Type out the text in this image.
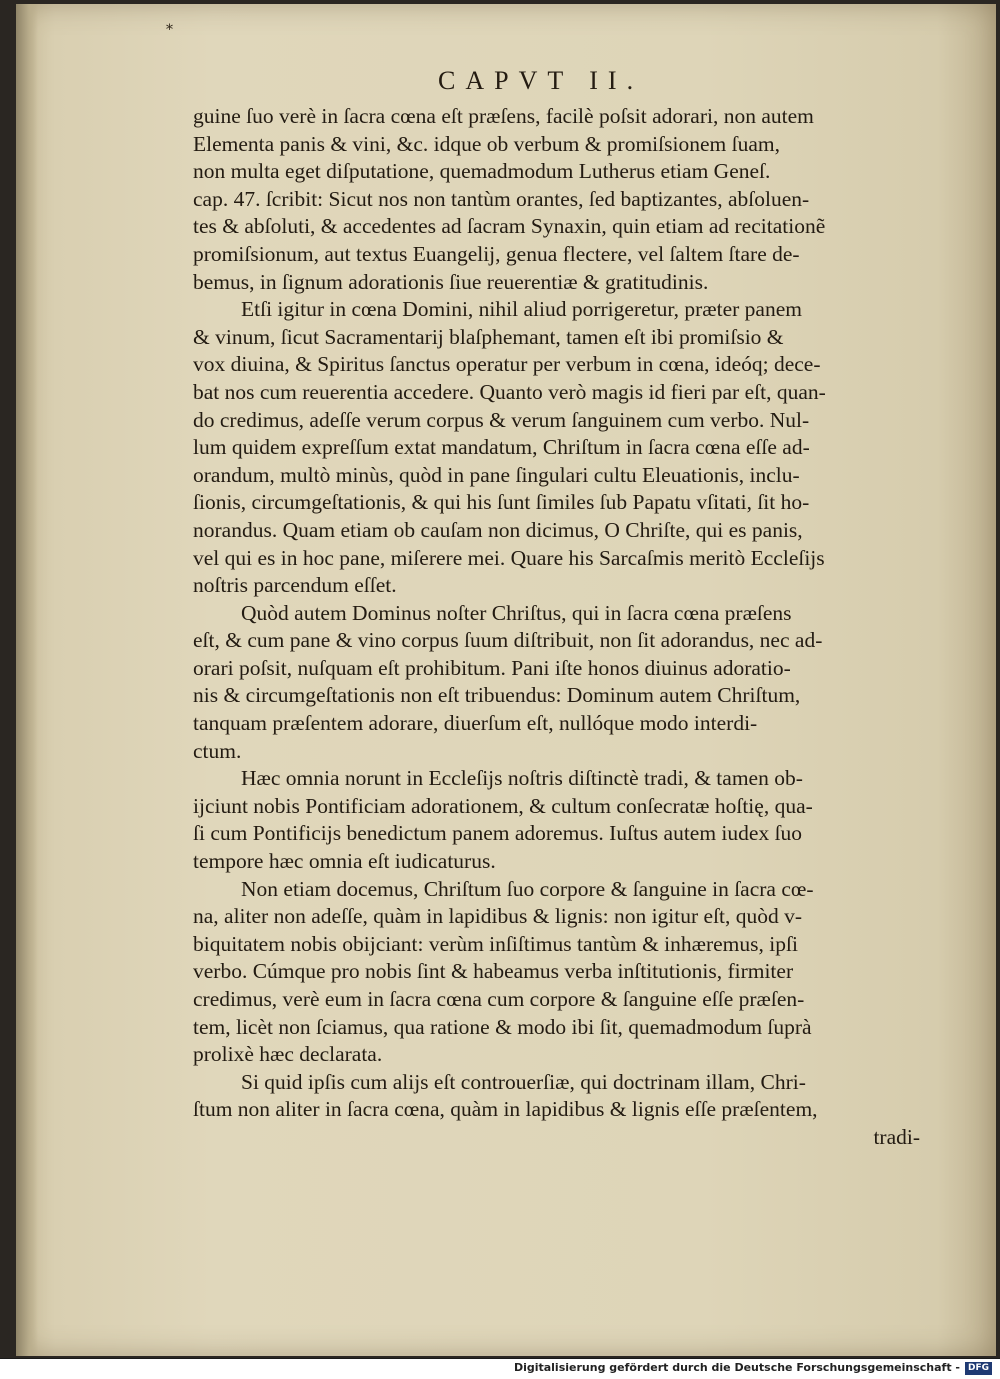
*
CAPVT II.
guine ſuo verè in ſacra cœna eſt præſens, facilè poſsit adorari, non autem
Elementa panis & vini, &c. idque ob verbum & promiſsionem ſuam,
non multa eget diſputatione, quemadmodum Lutherus etiam Geneſ.
cap. 47. ſcribit: Sicut nos non tantùm orantes, ſed baptizantes, abſoluen-
tes & abſoluti, & accedentes ad ſacram Synaxin, quin etiam ad recitationẽ
promiſsionum, aut textus Euangelij, genua flectere, vel ſaltem ſtare de-
bemus, in ſignum adorationis ſiue reuerentiæ & gratitudinis.
Etſi igitur in cœna Domini, nihil aliud porrigeretur, præter panem
& vinum, ſicut Sacramentarij blaſphemant, tamen eſt ibi promiſsio &
vox diuina, & Spiritus ſanctus operatur per verbum in cœna, ideóq; dece-
bat nos cum reuerentia accedere. Quanto verò magis id fieri par eſt, quan-
do credimus, adeſſe verum corpus & verum ſanguinem cum verbo. Nul-
lum quidem expreſſum extat mandatum, Chriſtum in ſacra cœna eſſe ad-
orandum, multò minùs, quòd in pane ſingulari cultu Eleuationis, inclu-
ſionis, circumgeſtationis, & qui his ſunt ſimiles ſub Papatu vſitati, ſit ho-
norandus. Quam etiam ob cauſam non dicimus, O Chriſte, qui es panis,
vel qui es in hoc pane, miſerere mei. Quare his Sarcaſmis meritò Eccleſijs
noſtris parcendum eſſet.
Quòd autem Dominus noſter Chriſtus, qui in ſacra cœna præſens
eſt, & cum pane & vino corpus ſuum diſtribuit, non ſit adorandus, nec ad-
orari poſsit, nuſquam eſt prohibitum. Pani iſte honos diuinus adoratio-
nis & circumgeſtationis non eſt tribuendus: Dominum autem Chriſtum,
tanquam præſentem adorare, diuerſum eſt, nullóque modo interdi-
ctum.
Hæc omnia norunt in Eccleſijs noſtris diſtinctè tradi, & tamen ob-
ijciunt nobis Pontificiam adorationem, & cultum conſecratæ hoſtię, qua-
ſi cum Pontificijs benedictum panem adoremus. Iuſtus autem iudex ſuo
tempore hæc omnia eſt iudicaturus.
Non etiam docemus, Chriſtum ſuo corpore & ſanguine in ſacra cœ-
na, aliter non adeſſe, quàm in lapidibus & lignis: non igitur eſt, quòd v-
biquitatem nobis obijciant: verùm inſiſtimus tantùm & inhæremus, ipſi
verbo. Cúmque pro nobis ſint & habeamus verba inſtitutionis, firmiter
credimus, verè eum in ſacra cœna cum corpore & ſanguine eſſe præſen-
tem, licèt non ſciamus, qua ratione & modo ibi ſit, quemadmodum ſuprà
prolixè hæc declarata.
Si quid ipſis cum alijs eſt controuerſiæ, qui doctrinam illam, Chri-
ſtum non aliter in ſacra cœna, quàm in lapidibus & lignis eſſe præſentem,
tradi-
Digitalisierung gefördert durch die Deutsche Forschungsgemeinschaft - DFG
